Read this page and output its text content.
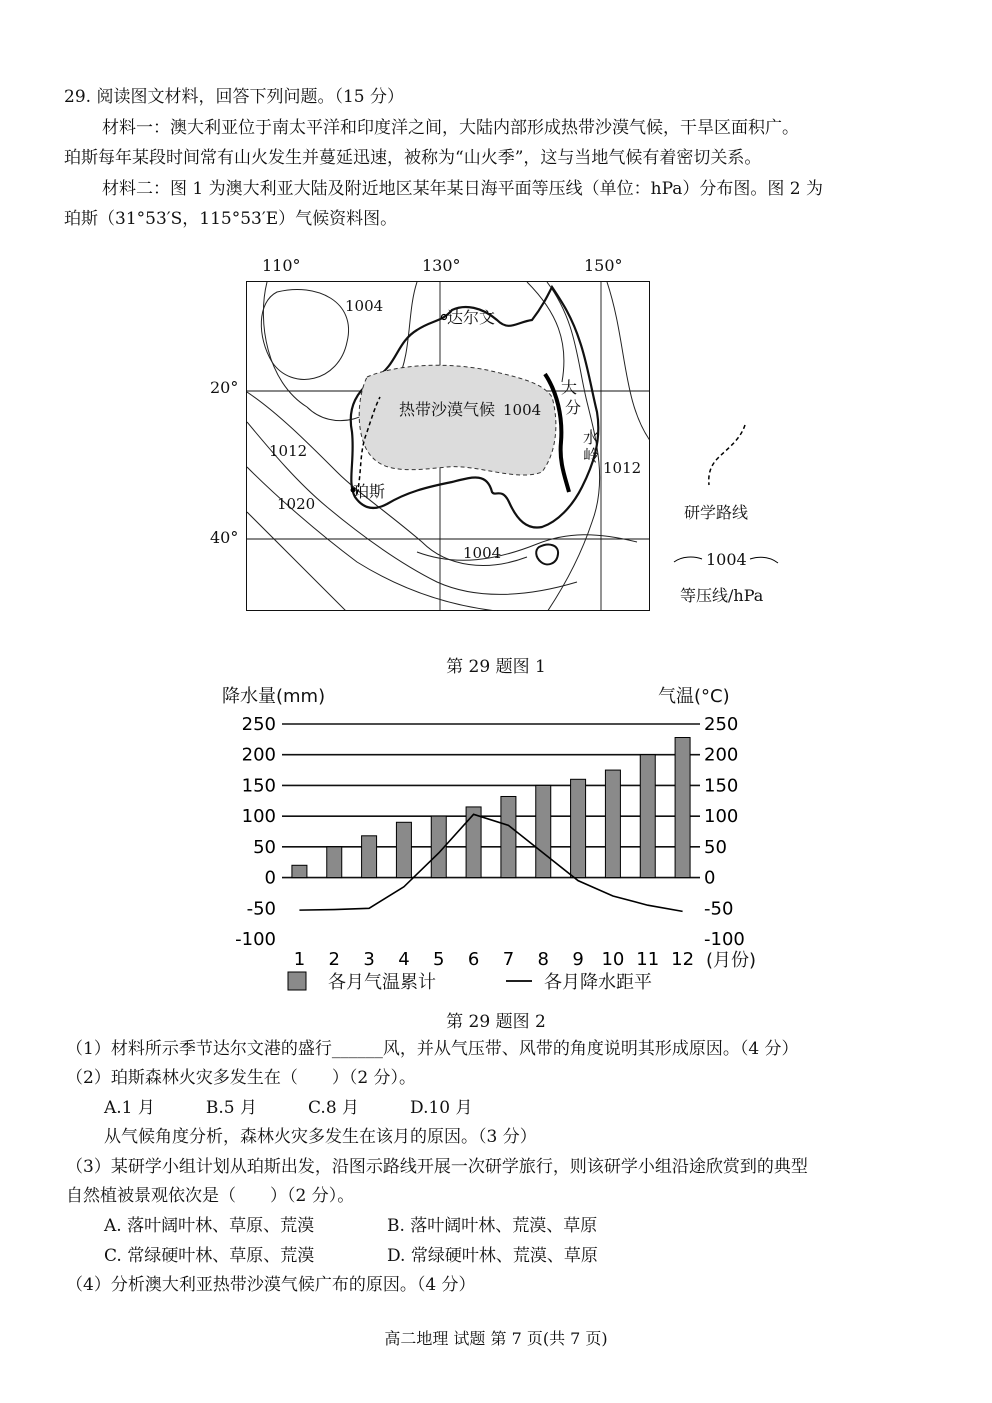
29. 阅读图文材料，回答下列问题。（15 分）
材料一：澳大利亚位于南太平洋和印度洋之间，大陆内部形成热带沙漠气候，干旱区面积广。
珀斯每年某段时间常有山火发生并蔓延迅速，被称为“山火季”，这与当地气候有着密切关系。
材料二：图 1 为澳大利亚大陆及附近地区某年某日海平面等压线（单位：hPa）分布图。图 2 为
珀斯（31°53′S，115°53′E）气候资料图。
110°	130°	150°
20°
40°
1004
达尔文
热带沙漠气候 1004
大
分
水
岭
1012
1012
珀斯
1020
1004
研学路线
1004
等压线/hPa
第 29 题图 1
降水量(mm)	气温(°C)
250	250
200	200
150	150
100	100
50	50
0	0
-50	-50
-100	-100
1 2 3 4 5 6 7 8 9 10 11 12 (月份)
各月气温累计	各月降水距平
第 29 题图 2
（1）材料所示季节达尔文港的盛行______风，并从气压带、风带的角度说明其形成原因。（4 分）
（2）珀斯森林火灾多发生在（　　）（2 分）。
A.1 月　　　B.5 月　　　C.8 月　　　D.10 月
从气候角度分析，森林火灾多发生在该月的原因。（3 分）
（3）某研学小组计划从珀斯出发，沿图示路线开展一次研学旅行，则该研学小组沿途欣赏到的典型
自然植被景观依次是（　　）（2 分）。
A. 落叶阔叶林、草原、荒漠	B. 落叶阔叶林、荒漠、草原
C. 常绿硬叶林、草原、荒漠	D. 常绿硬叶林、荒漠、草原
（4）分析澳大利亚热带沙漠气候广布的原因。（4 分）
高二地理 试题 第 7 页(共 7 页)
